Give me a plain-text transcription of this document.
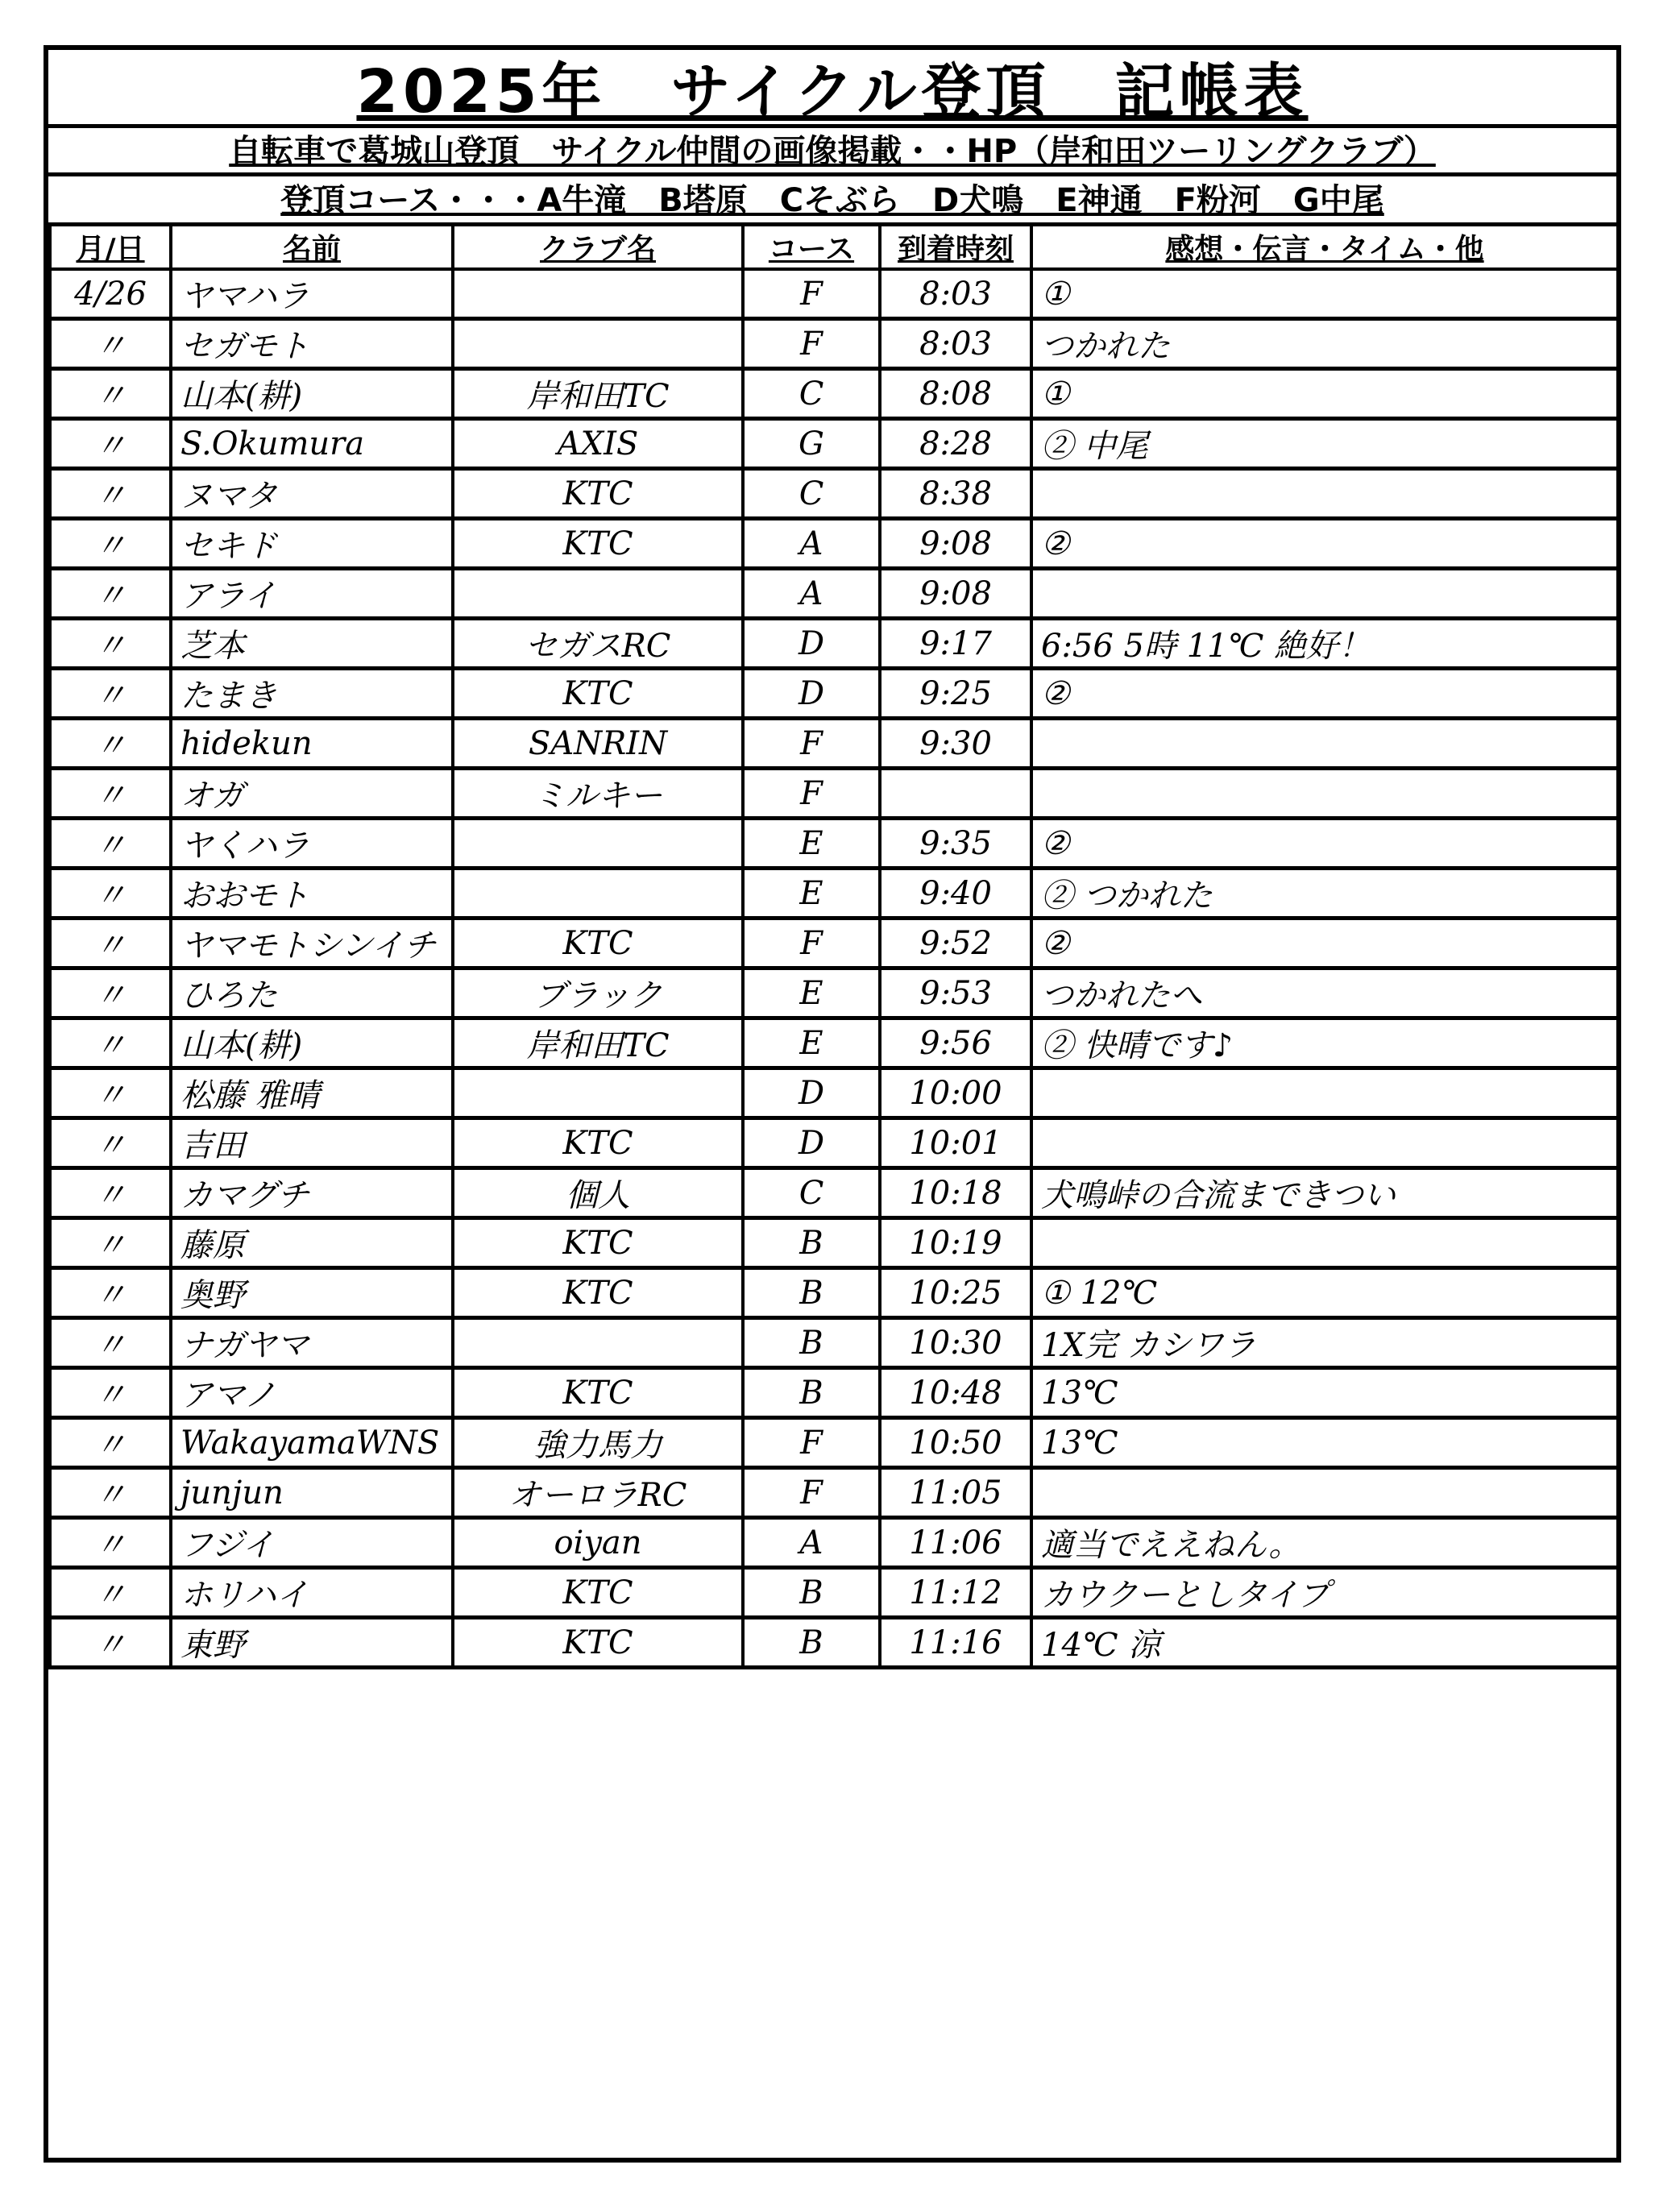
2025年　サイクル登頂　記帳表
自転車で葛城山登頂　サイクル仲間の画像掲載・・HP（岸和田ツーリングクラブ）
登頂コース・・・A牛滝　B塔原　Cそぶら　D犬鳴　E神通　F粉河　G中尾
月/日	名前	クラブ名	コース	到着時刻	感想・伝言・タイム・他
4/26	ヤマハラ		F	8:03	①
〃	セガモト		F	8:03	つかれた
〃	山本(耕)	岸和田TC	C	8:08	①
〃	S.Okumura	AXIS	G	8:28	② 中尾
〃	ヌマタ	KTC	C	8:38	
〃	セキド	KTC	A	9:08	②
〃	アライ		A	9:08	
〃	芝本	セガスRC	D	9:17	6:56 5時 11℃ 絶好！
〃	たまき	KTC	D	9:25	②
〃	hidekun	SANRIN	F	9:30	
〃	オガ	ミルキー	F		
〃	ヤくハラ		E	9:35	②
〃	おおモト		E	9:40	② つかれた
〃	ヤマモトシンイチ	KTC	F	9:52	②
〃	ひろた	ブラック	E	9:53	つかれたへ
〃	山本(耕)	岸和田TC	E	9:56	② 快晴です♪
〃	松藤 雅晴		D	10:00	
〃	吉田	KTC	D	10:01	
〃	カマグチ	個人	C	10:18	犬鳴峠の合流まできつい
〃	藤原	KTC	B	10:19	
〃	奥野	KTC	B	10:25	① 12℃
〃	ナガヤマ		B	10:30	1X完 カシワラ
〃	アマノ	KTC	B	10:48	13℃
〃	WakayamaWNS	強力馬力	F	10:50	13℃
〃	junjun	オーロラRC	F	11:05	
〃	フジイ	oiyan	A	11:06	適当でええねん。
〃	ホリハイ	KTC	B	11:12	カウクーとしタイプ
〃	東野	KTC	B	11:16	14℃ 涼
